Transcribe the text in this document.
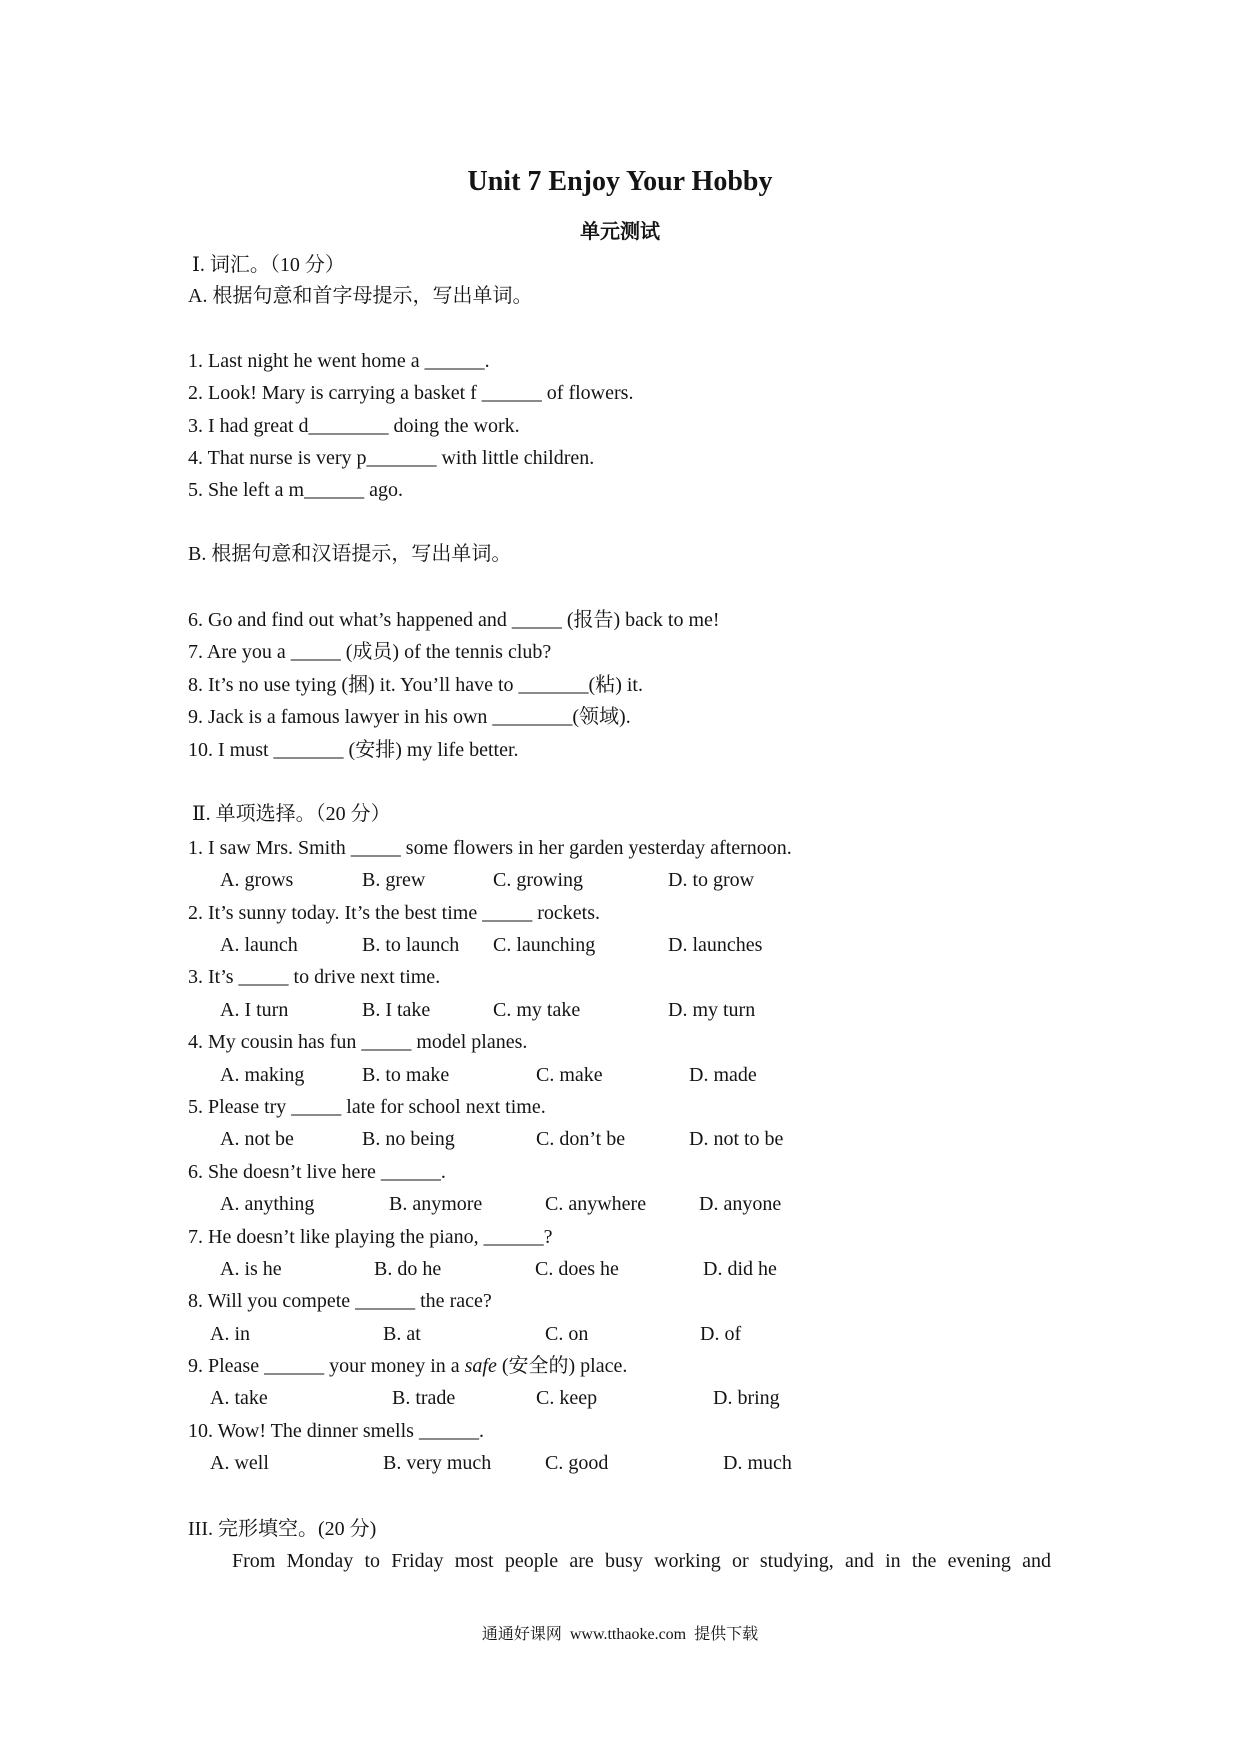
Unit 7 Enjoy Your Hobby
单元测试
Ⅰ. 词汇。（10 分）
A. 根据句意和首字母提示，写出单词。
1. Last night he went home a ______.
2. Look! Mary is carrying a basket f ______ of flowers.
3. I had great d________ doing the work.
4. That nurse is very p_______ with little children.
5. She left a m______ ago.
B. 根据句意和汉语提示，写出单词。
6. Go and find out what’s happened and _____ (报告) back to me!
7. Are you a _____ (成员) of the tennis club?
8. It’s no use tying (捆) it. You’ll have to _______(粘) it.
9. Jack is a famous lawyer in his own ________(领域).
10. I must _______ (安排) my life better.
Ⅱ. 单项选择。（20 分）
1. I saw Mrs. Smith _____ some flowers in her garden yesterday afternoon.
A. grows	B. grew	C. growing	D. to grow
2. It’s sunny today. It’s the best time _____ rockets.
A. launch	B. to launch C. launching	D. launches
3. It’s _____ to drive next time.
A. I turn	B. I take	C. my take	D. my turn
4. My cousin has fun _____ model planes.
A. making	B. to make	C. make	D. made
5. Please try _____ late for school next time.
A. not be	B. no being	C. don’t be	D. not to be
6. She doesn’t live here ______.
A. anything	B. anymore	C. anywhere	D. anyone
7. He doesn’t like playing the piano, ______?
A. is he	B. do he	C. does he	D. did he
8. Will you compete ______ the race?
A. in	B. at	C. on	D. of
9. Please ______ your money in a safe (安全的) place.
A. take	B. trade	C. keep	D. bring
10. Wow! The dinner smells ______.
A. well	B. very much	C. good	D. much
III. 完形填空。(20 分)
From Monday to Friday most people are busy working or studying, and in the evening and
通通好课网  www.tthaoke.com  提供下载
